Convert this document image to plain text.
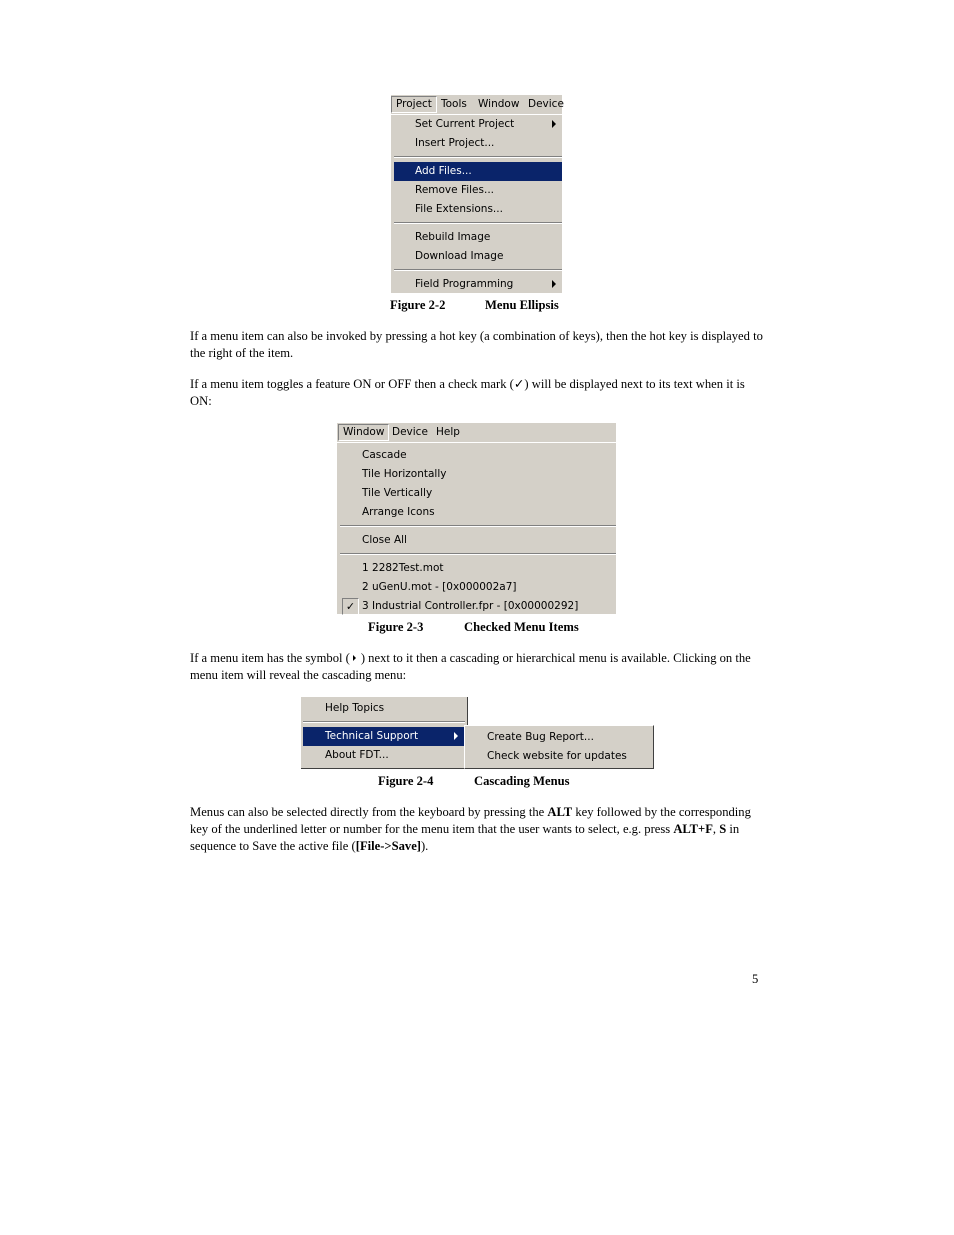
Project Tools	Window Device
Set Current Project
Insert Project...
Add Files...
Remove Files...
File Extensions...
Rebuild Image
Download Image
Field Programming
Figure 2-2	Menu Ellipsis
If a menu item can also be invoked by pressing a hot key (a combination of keys), then the hot key is displayed to the right of the item.
If a menu item toggles a feature ON or OFF then a check mark (✓) will be displayed next to its text when it is ON:
Window Device Help
Cascade
Tile Horizontally
Tile Vertically
Arrange Icons
Close All
1 2282Test.mot
2 uGenU.mot - [0x000002a7]
✓ 3 Industrial Controller.fpr - [0x00000292]
Figure 2-3	Checked Menu Items
If a menu item has the symbol ( ) next to it then a cascading or hierarchical menu is available. Clicking on the menu item will reveal the cascading menu:
Help Topics
Technical Support
About FDT...
Create Bug Report...
Check website for updates
Figure 2-4	Cascading Menus
Menus can also be selected directly from the keyboard by pressing the ALT key followed by the corresponding key of the underlined letter or number for the menu item that the user wants to select, e.g. press ALT+F, S in sequence to Save the active file ([File->Save]).
5
